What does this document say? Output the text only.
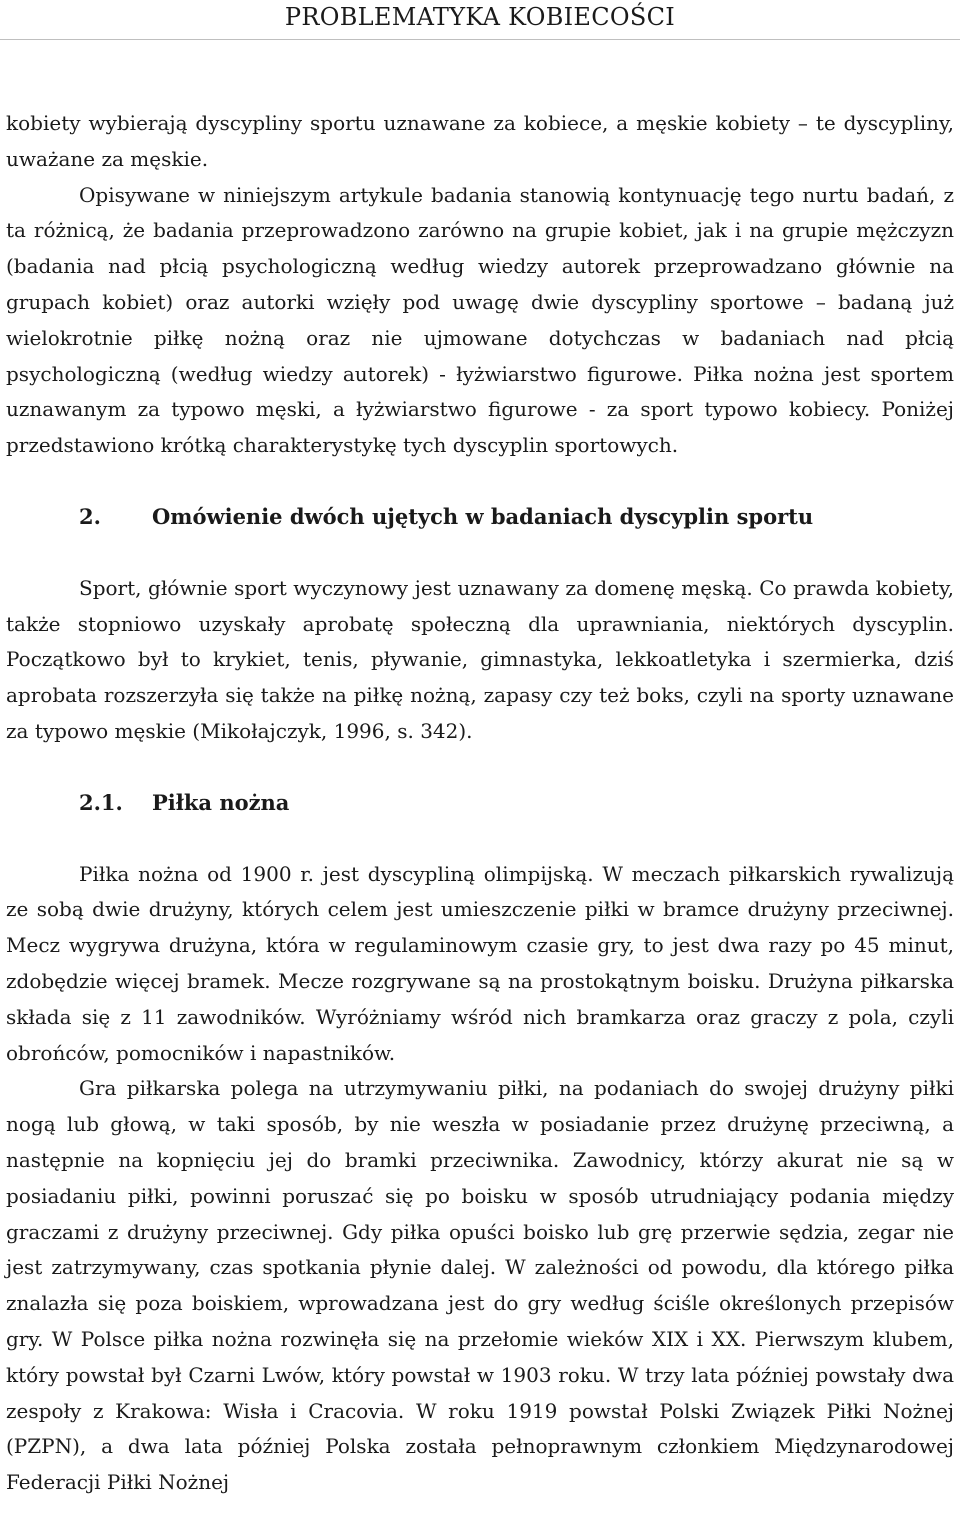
PROBLEMATYKA KOBIECOŚCI

kobiety wybierają dyscypliny sportu uznawane za kobiece, a męskie kobiety – te dyscypliny, uważane za męskie.

Opisywane w niniejszym artykule badania stanowią kontynuację tego nurtu badań, z ta różnicą, że badania przeprowadzono zarówno na grupie kobiet, jak i na grupie mężczyzn (badania nad płcią psychologiczną według wiedzy autorek przeprowadzano głównie na grupach kobiet) oraz autorki wzięły pod uwagę dwie dyscypliny sportowe – badaną już wielokrotnie piłkę nożną oraz nie ujmowane dotychczas w badaniach nad płcią psychologiczną (według wiedzy autorek) - łyżwiarstwo figurowe. Piłka nożna jest sportem uznawanym za typowo męski, a łyżwiarstwo figurowe - za sport typowo kobiecy. Poniżej przedstawiono krótką charakterystykę tych dyscyplin sportowych.

2.	Omówienie dwóch ujętych w badaniach dyscyplin sportu

Sport, głównie sport wyczynowy jest uznawany za domenę męską. Co prawda kobiety, także stopniowo uzyskały aprobatę społeczną dla uprawniania, niektórych dyscyplin. Początkowo był to krykiet, tenis, pływanie, gimnastyka, lekkoatletyka i szermierka, dziś aprobata rozszerzyła się także na piłkę nożną, zapasy czy też boks, czyli na sporty uznawane za typowo męskie (Mikołajczyk, 1996, s. 342).

2.1.	Piłka nożna

Piłka nożna od 1900 r. jest dyscypliną olimpijską. W meczach piłkarskich rywalizują ze sobą dwie drużyny, których celem jest umieszczenie piłki w bramce drużyny przeciwnej. Mecz wygrywa drużyna, która w regulaminowym czasie gry, to jest dwa razy po 45 minut, zdobędzie więcej bramek. Mecze rozgrywane są na prostokątnym boisku. Drużyna piłkarska składa się z 11 zawodników. Wyróżniamy wśród nich bramkarza oraz graczy z pola, czyli obrońców, pomocników i napastników.

Gra piłkarska polega na utrzymywaniu piłki, na podaniach do swojej drużyny piłki nogą lub głową, w taki sposób, by nie weszła w posiadanie przez drużynę przeciwną, a następnie na kopnięciu jej do bramki przeciwnika. Zawodnicy, którzy akurat nie są w posiadaniu piłki, powinni poruszać się po boisku w sposób utrudniający podania między graczami z drużyny przeciwnej. Gdy piłka opuści boisko lub grę przerwie sędzia, zegar nie jest zatrzymywany, czas spotkania płynie dalej. W zależności od powodu, dla którego piłka znalazła się poza boiskiem, wprowadzana jest do gry według ściśle określonych przepisów gry. W Polsce piłka nożna rozwinęła się na przełomie wieków XIX i XX. Pierwszym klubem, który powstał był Czarni Lwów, który powstał w 1903 roku. W trzy lata później powstały dwa zespoły z Krakowa: Wisła i Cracovia. W roku 1919 powstał Polski Związek Piłki Nożnej (PZPN), a dwa lata później Polska została pełnoprawnym członkiem Międzynarodowej Federacji Piłki Nożnej
